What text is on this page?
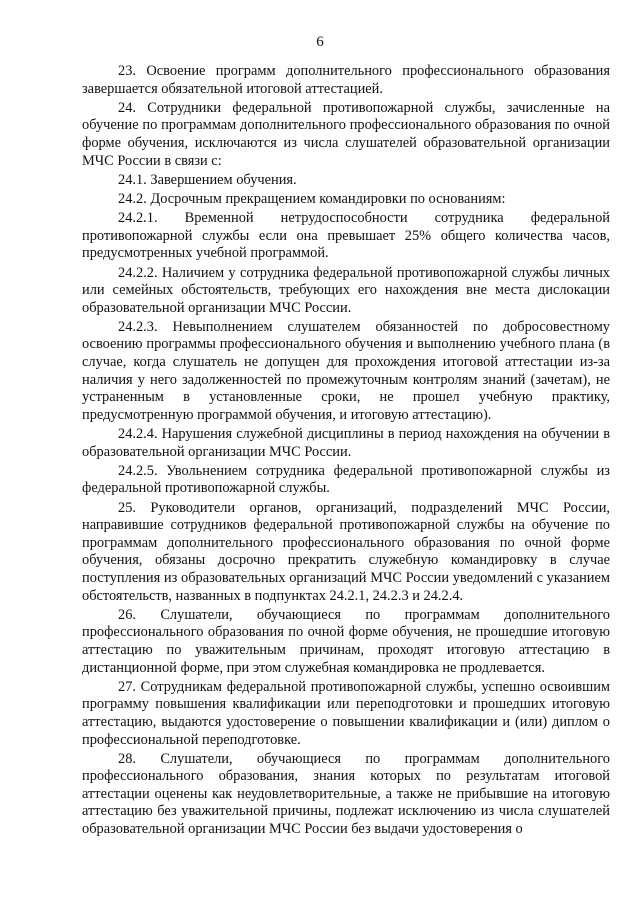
6

23. Освоение программ дополнительного профессионального образования завершается обязательной итоговой аттестацией.

24. Сотрудники федеральной противопожарной службы, зачисленные на обучение по программам дополнительного профессионального образования по очной форме обучения, исключаются из числа слушателей образовательной организации МЧС России в связи с:

24.1. Завершением обучения.

24.2. Досрочным прекращением командировки по основаниям:

24.2.1. Временной нетрудоспособности сотрудника федеральной противопожарной службы если она превышает 25% общего количества часов, предусмотренных учебной программой.

24.2.2. Наличием у сотрудника федеральной противопожарной службы личных или семейных обстоятельств, требующих его нахождения вне места дислокации образовательной организации МЧС России.

24.2.3. Невыполнением слушателем обязанностей по добросовестному освоению программы профессионального обучения и выполнению учебного плана (в случае, когда слушатель не допущен для прохождения итоговой аттестации из-за наличия у него задолженностей по промежуточным контролям знаний (зачетам), не устраненным в установленные сроки, не прошел учебную практику, предусмотренную программой обучения, и итоговую аттестацию).

24.2.4. Нарушения служебной дисциплины в период нахождения на обучении в образовательной организации МЧС России.

24.2.5. Увольнением сотрудника федеральной противопожарной службы из федеральной противопожарной службы.

25. Руководители органов, организаций, подразделений МЧС России, направившие сотрудников федеральной противопожарной службы на обучение по программам дополнительного профессионального образования по очной форме обучения, обязаны досрочно прекратить служебную командировку в случае поступления из образовательных организаций МЧС России уведомлений с указанием обстоятельств, названных в подпунктах 24.2.1, 24.2.3 и 24.2.4.

26. Слушатели, обучающиеся по программам дополнительного профессионального образования по очной форме обучения, не прошедшие итоговую аттестацию по уважительным причинам, проходят итоговую аттестацию в дистанционной форме, при этом служебная командировка не продлевается.

27. Сотрудникам федеральной противопожарной службы, успешно освоившим программу повышения квалификации или переподготовки и прошедших итоговую аттестацию, выдаются удостоверение о повышении квалификации и (или) диплом о профессиональной переподготовке.

28. Слушатели, обучающиеся по программам дополнительного профессионального образования, знания которых по результатам итоговой аттестации оценены как неудовлетворительные, а также не прибывшие на итоговую аттестацию без уважительной причины, подлежат исключению из числа слушателей образовательной организации МЧС России без выдачи удостоверения о
